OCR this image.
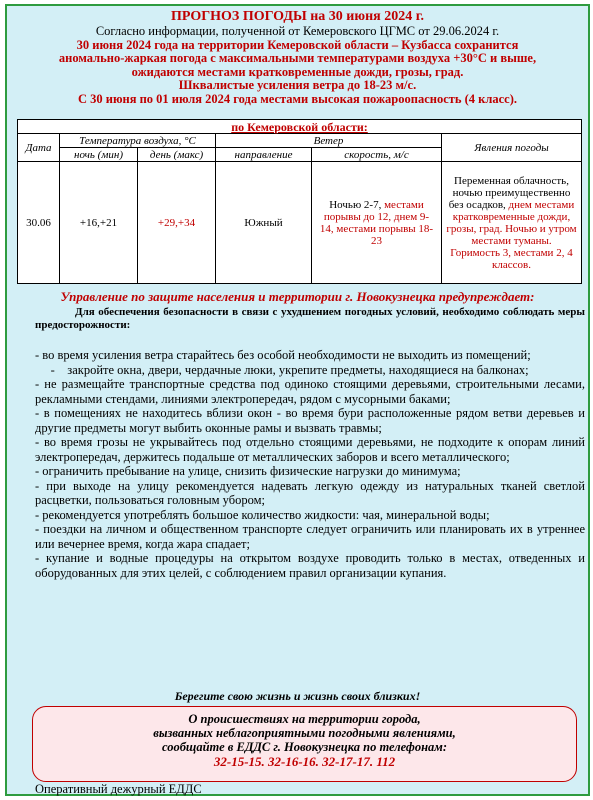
ПРОГНОЗ ПОГОДЫ на 30 июня 2024 г.
Согласно информации, полученной от Кемеровского ЦГМС от 29.06.2024 г.
30 июня 2024 года на территории Кемеровской области – Кузбасса сохранится
аномально-жаркая погода с максимальными температурами воздуха +30°C и выше,
ожидаются местами кратковременные дожди, грозы, град.
Шквалистые усиления ветра до 18-23 м/с.
С 30 июня по 01 июля 2024 года местами высокая пожароопасность (4 класс).
по Кемеровской области:					
Дата	Температура воздуха, °С		Ветер		Явления погоды
	ночь (мин)	день (макс)	направление	скорость, м/с	
30.06	+16,+21	+29,+34	Южный	Ночью 2-7, местами порывы до 12, днем 9-14, местами порывы 18-23	Переменная облачность, ночью преимущественно без осадков, днем местами кратковременные дожди, грозы, град. Ночью и утром местами туманы. Горимость 3, местами 2, 4 классов.
Управление по защите населения и территории г. Новокузнецка предупреждает:
Для обеспечения безопасности в связи с ухудшением погодных условий, необходимо соблюдать меры предосторожности:

- во время усиления ветра старайтесь без особой необходимости не выходить из помещений;

-    закройте окна, двери, чердачные люки, укрепите предметы, находящиеся на балконах;

- не размещайте транспортные средства под одиноко стоящими деревьями, строительными лесами, рекламными стендами, линиями электропередач, рядом с мусорными баками;

- в помещениях не находитесь вблизи окон - во время бури расположенные рядом ветви деревьев и другие предметы могут выбить оконные рамы и вызвать травмы;

- во время грозы не укрывайтесь под отдельно стоящими деревьями, не подходите к опорам линий электропередач, держитесь подальше от металлических заборов и всего металлического;

- ограничить пребывание на улице, снизить физические нагрузки до минимума;

- при выходе на улицу рекомендуется надевать легкую одежду из натуральных тканей светлой расцветки, пользоваться головным убором;

- рекомендуется употреблять большое количество жидкости: чая, минеральной воды;

- поездки на личном и общественном транспорте следует ограничить или планировать их в утреннее или вечернее время, когда жара спадает;

- купание и водные процедуры на открытом воздухе проводить только в местах, отведенных и оборудованных для этих целей, с соблюдением правил организации купания.

Берегите свою жизнь и жизнь своих близких!
О происшествиях на территории города,
вызванных неблагоприятными погодными явлениями,
сообщайте в ЕДДС г. Новокузнецка по телефонам:
32-15-15. 32-16-16. 32-17-17. 112
Оперативный дежурный ЕДДС
